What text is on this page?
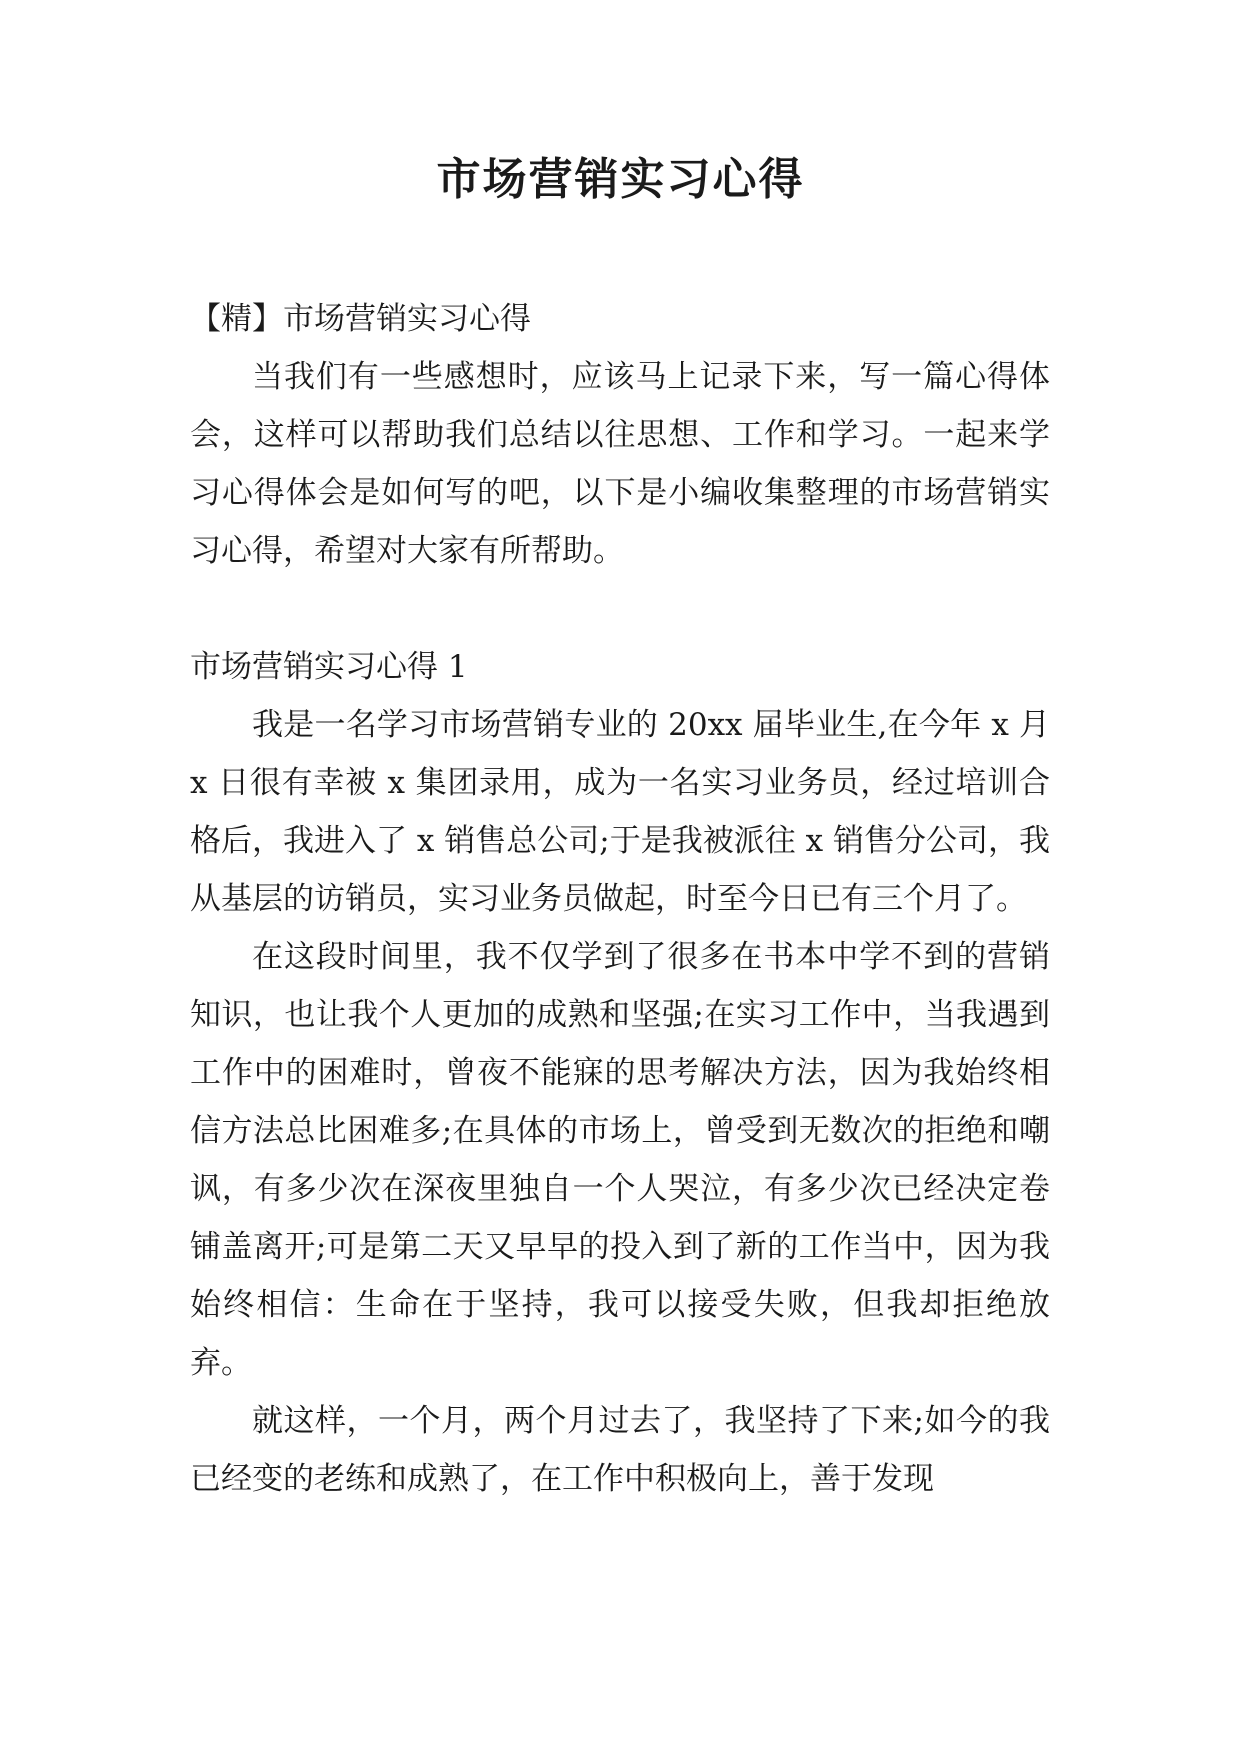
市场营销实习心得

【精】市场营销实习心得

当我们有一些感想时，应该马上记录下来，写一篇心得体会，这样可以帮助我们总结以往思想、工作和学习。一起来学习心得体会是如何写的吧，以下是小编收集整理的市场营销实习心得，希望对大家有所帮助。

市场营销实习心得 1

我是一名学习市场营销专业的 20xx 届毕业生,在今年 x 月 x 日很有幸被 x 集团录用，成为一名实习业务员，经过培训合格后，我进入了 x 销售总公司;于是我被派往 x 销售分公司，我从基层的访销员，实习业务员做起，时至今日已有三个月了。

在这段时间里，我不仅学到了很多在书本中学不到的营销知识，也让我个人更加的成熟和坚强;在实习工作中，当我遇到工作中的困难时，曾夜不能寐的思考解决方法，因为我始终相信方法总比困难多;在具体的市场上，曾受到无数次的拒绝和嘲讽，有多少次在深夜里独自一个人哭泣，有多少次已经决定卷铺盖离开;可是第二天又早早的投入到了新的工作当中，因为我始终相信：生命在于坚持，我可以接受失败，但我却拒绝放弃。

就这样，一个月，两个月过去了，我坚持了下来;如今的我已经变的老练和成熟了，在工作中积极向上，善于发现
